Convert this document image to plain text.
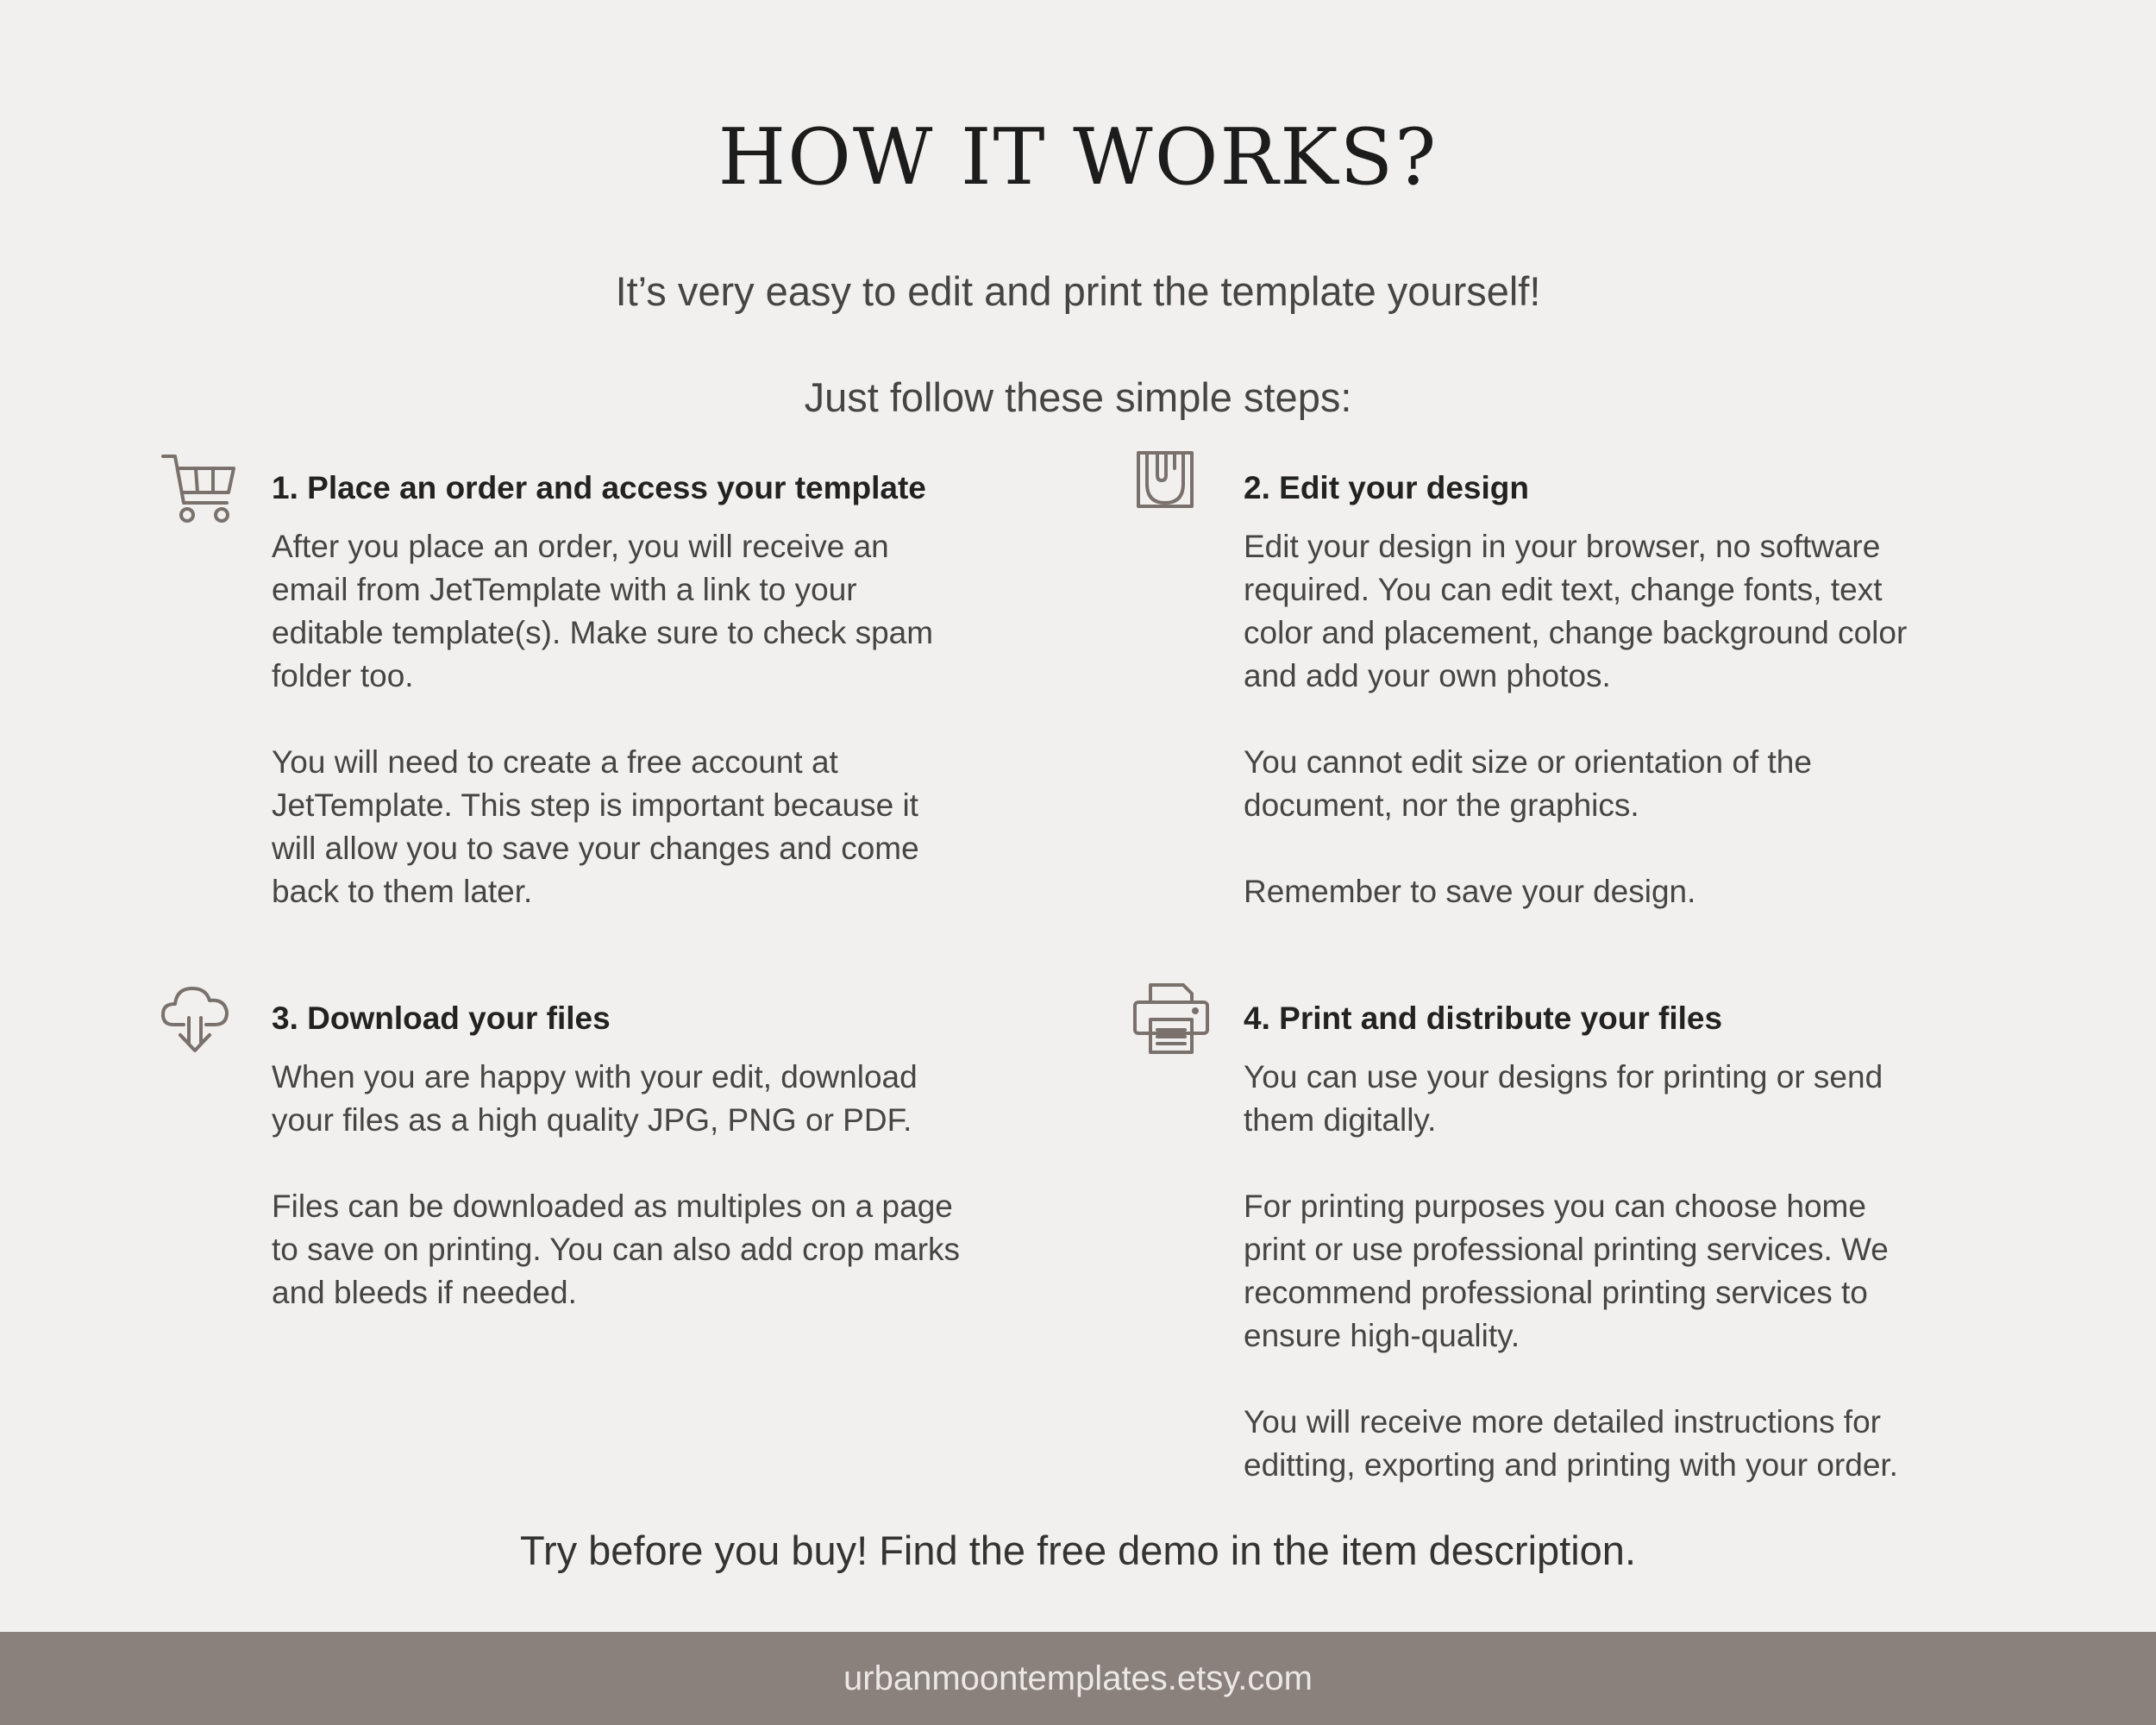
HOW IT WORKS?

It’s very easy to edit and print the template yourself!

Just follow these simple steps:

1. Place an order and access your template

After you place an order, you will receive an
email from JetTemplate with a link to your
editable template(s). Make sure to check spam
folder too.

You will need to create a free account at
JetTemplate. This step is important because it
will allow you to save your changes and come
back to them later.

2. Edit your design

Edit your design in your browser, no software
required. You can edit text, change fonts, text
color and placement, change background color
and add your own photos.

You cannot edit size or orientation of the
document, nor the graphics.

Remember to save your design.

3. Download your files

When you are happy with your edit, download
your files as a high quality JPG, PNG or PDF.

Files can be downloaded as multiples on a page
to save on printing. You can also add crop marks
and bleeds if needed.

4. Print and distribute your files

You can use your designs for printing or send
them digitally.

For printing purposes you can choose home
print or use professional printing services. We
recommend professional printing services to
ensure high-quality.

You will receive more detailed instructions for
editting, exporting and printing with your order.

Try before you buy! Find the free demo in the item description.

urbanmoontemplates.etsy.com
